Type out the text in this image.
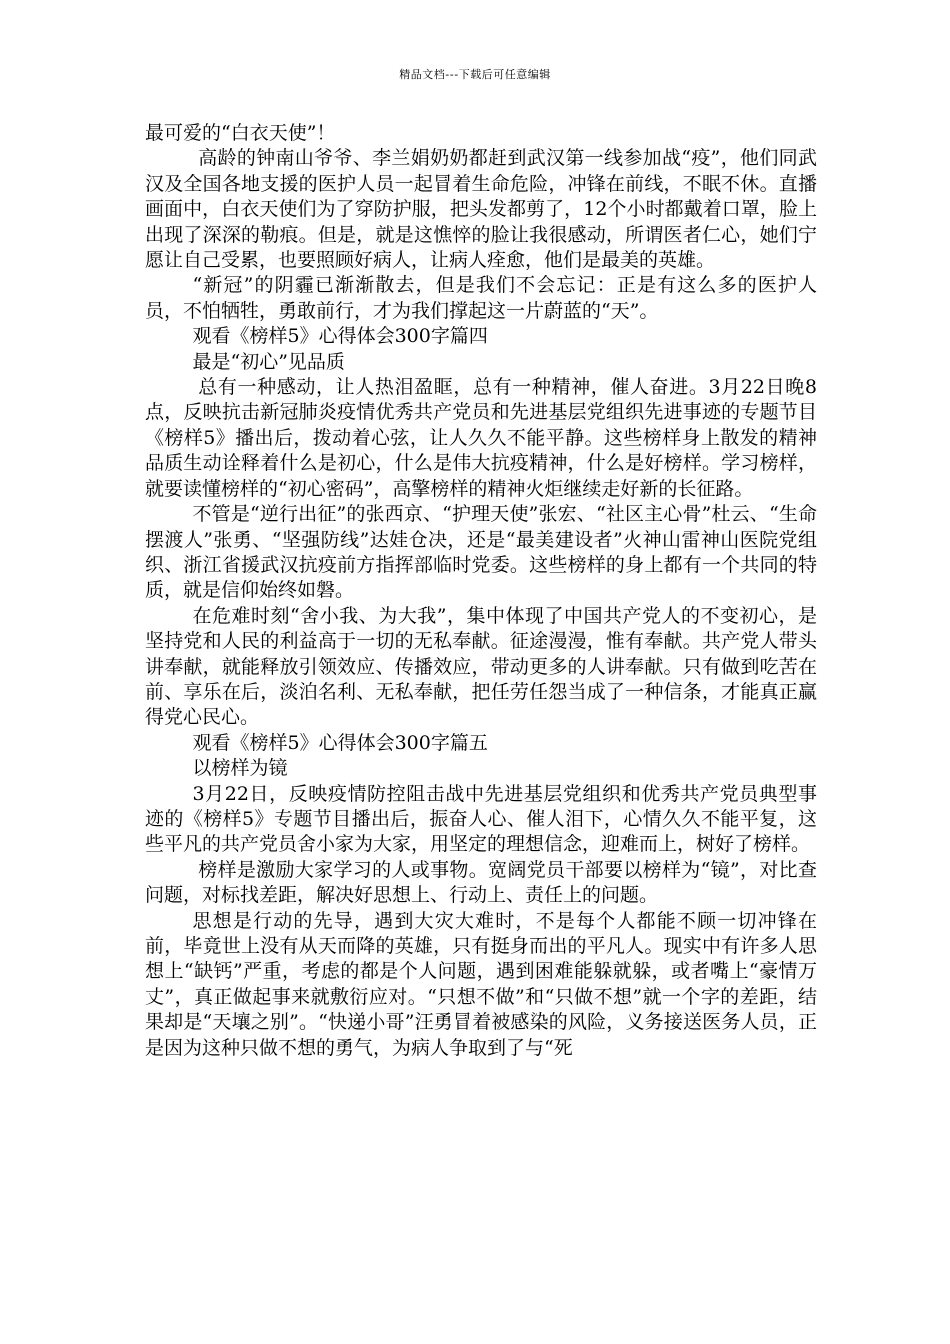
精品文档---下载后可任意编辑

最可爱的“白衣天使”！

高龄的钟南山爷爷、李兰娟奶奶都赶到武汉第一线参加战“疫”，他们同武汉及全国各地支援的医护人员一起冒着生命危险，冲锋在前线，不眠不休。直播画面中，白衣天使们为了穿防护服，把头发都剪了，12个小时都戴着口罩，脸上出现了深深的勒痕。但是，就是这憔悴的脸让我很感动，所谓医者仁心，她们宁愿让自己受累，也要照顾好病人，让病人痊愈，他们是最美的英雄。

“新冠”的阴霾已渐渐散去，但是我们不会忘记：正是有这么多的医护人员，不怕牺牲，勇敢前行，才为我们撑起这一片蔚蓝的“天”。

观看《榜样5》心得体会300字篇四

最是“初心”见品质

总有一种感动，让人热泪盈眶，总有一种精神，催人奋进。3月22日晚8点，反映抗击新冠肺炎疫情优秀共产党员和先进基层党组织先进事迹的专题节目《榜样5》播出后，拨动着心弦，让人久久不能平静。这些榜样身上散发的精神品质生动诠释着什么是初心，什么是伟大抗疫精神，什么是好榜样。学习榜样，就要读懂榜样的“初心密码”，高擎榜样的精神火炬继续走好新的长征路。

不管是“逆行出征”的张西京、“护理天使”张宏、“社区主心骨”杜云、“生命摆渡人”张勇、“坚强防线”达娃仓决，还是“最美建设者”火神山雷神山医院党组织、浙江省援武汉抗疫前方指挥部临时党委。这些榜样的身上都有一个共同的特质，就是信仰始终如磐。

在危难时刻“舍小我、为大我”，集中体现了中国共产党人的不变初心，是坚持党和人民的利益高于一切的无私奉献。征途漫漫，惟有奉献。共产党人带头讲奉献，就能释放引领效应、传播效应，带动更多的人讲奉献。只有做到吃苦在前、享乐在后，淡泊名利、无私奉献，把任劳任怨当成了一种信条，才能真正赢得党心民心。

观看《榜样5》心得体会300字篇五

以榜样为镜

3月22日，反映疫情防控阻击战中先进基层党组织和优秀共产党员典型事迹的《榜样5》专题节目播出后，振奋人心、催人泪下，心情久久不能平复，这些平凡的共产党员舍小家为大家，用坚定的理想信念，迎难而上，树好了榜样。

榜样是激励大家学习的人或事物。宽阔党员干部要以榜样为“镜”，对比查问题，对标找差距，解决好思想上、行动上、责任上的问题。

思想是行动的先导，遇到大灾大难时，不是每个人都能不顾一切冲锋在前，毕竟世上没有从天而降的英雄，只有挺身而出的平凡人。现实中有许多人思想上“缺钙”严重，考虑的都是个人问题，遇到困难能躲就躲，或者嘴上“豪情万丈”，真正做起事来就敷衍应对。“只想不做”和“只做不想”就一个字的差距，结果却是“天壤之别”。“快递小哥”汪勇冒着被感染的风险，义务接送医务人员，正是因为这种只做不想的勇气，为病人争取到了与“死
